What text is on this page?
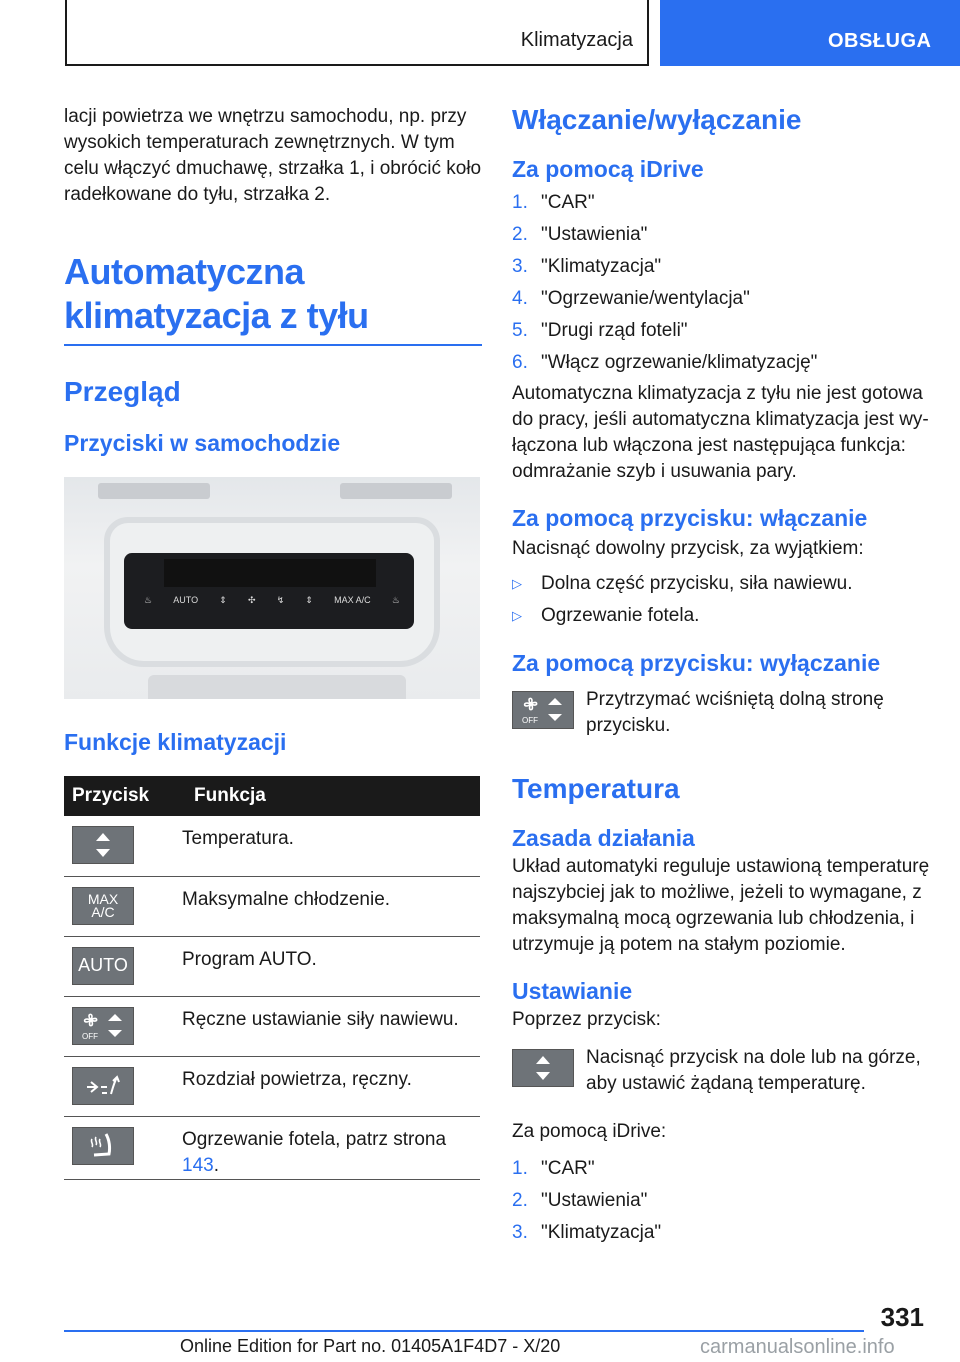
Klimatyzacja	OBSŁUGA

lacji powietrza we wnętrzu samochodu, np. przy wysokich temperaturach zewnętrznych. W tym celu włączyć dmuchawę, strzałka 1, i obrócić koło radełkowane do tyłu, strzałka 2.

Automatyczna klimatyzacja z tyłu
Przegląd
Przyciski w samochodzie
♨ AUTO ⇕ ✣ ↯ ⇕ MAX A/C ♨
Funkcje klimatyzacji
Przycisk	Funkcja

	Temperatura.

MAX
A/C	Maksymalne chłodzenie.

AUTO	Program AUTO.

OFF	Ręczne ustawianie siły nawiewu.

	Rozdział powietrza, ręczny.

	Ogrzewanie fotela, patrz strona 143.
Włączanie/wyłączanie
Za pomocą iDrive
1. "CAR"
2. "Ustawienia"
3. "Klimatyzacja"
4. "Ogrzewanie/wentylacja"
5. "Drugi rząd foteli"
6. "Włącz ogrzewanie/klimatyzację"

Automatyczna klimatyzacja z tyłu nie jest gotowa do pracy, jeśli automatyczna klimatyzacja jest wyłączona lub włączona jest następująca funkcja: odmrażanie szyb i usuwania pary.

Za pomocą przycisku: włączanie

Nacisnąć dowolny przycisk, za wyjątkiem:

▷	Dolna część przycisku, siła nawiewu.
▷	Ogrzewanie fotela.
Za pomocą przycisku: wyłączanie
OFF

Przytrzymać wciśniętą dolną stronę przycisku.

Temperatura
Zasada działania

Układ automatyki reguluje ustawioną temperaturę najszybciej jak to możliwe, jeżeli to wymagane, z maksymalną mocą ogrzewania lub chłodzenia, i utrzymuje ją potem na stałym poziomie.

Ustawianie

Poprzez przycisk:

Nacisnąć przycisk na dole lub na górze, aby ustawić żądaną temperaturę.

Za pomocą iDrive:

1. "CAR"
2. "Ustawienia"
3. "Klimatyzacja"
331
Online Edition for Part no. 01405A1F4D7 - X/20	carmanualsonline.info
